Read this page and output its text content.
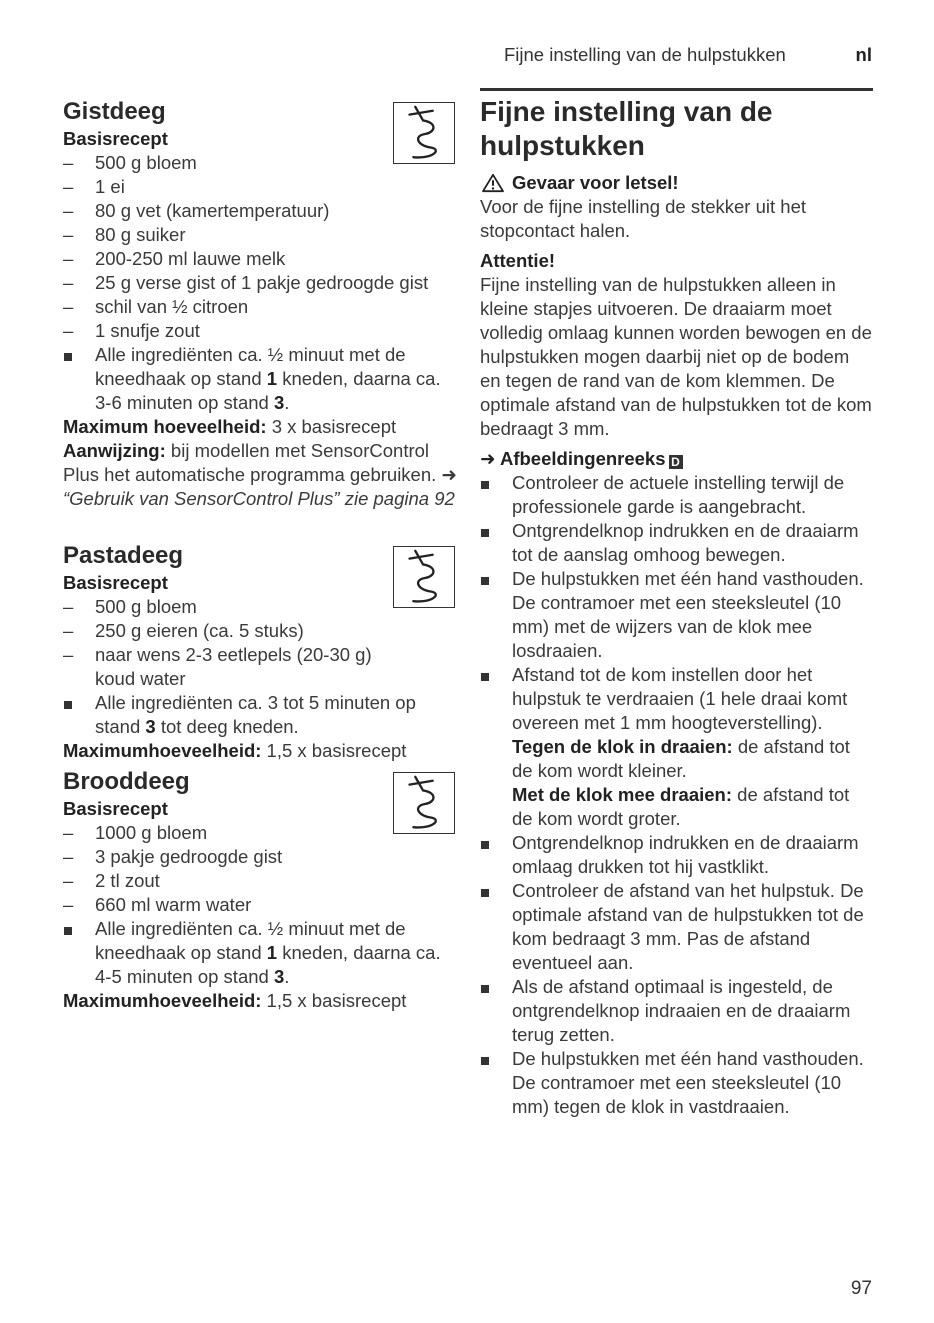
Fijne instelling van de hulpstukken	nl
Gistdeeg
Basisrecept
– 500 g bloem
– 1 ei
– 80 g vet (kamertemperatuur)
– 80 g suiker
– 200-250 ml lauwe melk
– 25 g verse gist of 1 pakje gedroogde gist
– schil van ½ citroen
– 1 snufje zout
Alle ingrediënten ca. ½ minuut met de kneedhaak op stand 1 kneden, daarna ca. 3-6 minuten op stand 3.
Maximum hoeveelheid: 3 x basisrecept
Aanwijzing: bij modellen met SensorControl Plus het automatische programma gebruiken. ➜ “Gebruik van SensorControl Plus” zie pagina 92
Pastadeeg
Basisrecept
– 500 g bloem
– 250 g eieren (ca. 5 stuks)
– naar wens 2-3 eetlepels (20-30 g) koud water
Alle ingrediënten ca. 3 tot 5 minuten op stand 3 tot deeg kneden.
Maximumhoeveelheid: 1,5 x basisrecept
Brooddeeg
Basisrecept
– 1000 g bloem
– 3 pakje gedroogde gist
– 2 tl zout
– 660 ml warm water
Alle ingrediënten ca. ½ minuut met de kneedhaak op stand 1 kneden, daarna ca. 4-5 minuten op stand 3.
Maximumhoeveelheid: 1,5 x basisrecept
Fijne instelling van de hulpstukken
Gevaar voor letsel!
Voor de fijne instelling de stekker uit het stopcontact halen.
Attentie!
Fijne instelling van de hulpstukken alleen in kleine stapjes uitvoeren. De draaiarm moet volledig omlaag kunnen worden bewogen en de hulpstukken mogen daarbij niet op de bodem en tegen de rand van de kom klemmen. De optimale afstand van de hulpstukken tot de kom bedraagt 3 mm.
➜ Afbeeldingenreeks D
Controleer de actuele instelling terwijl de professionele garde is aangebracht.
Ontgrendelknop indrukken en de draaiarm tot de aanslag omhoog bewegen.
De hulpstukken met één hand vasthouden. De contramoer met een steeksleutel (10 mm) met de wijzers van de klok mee losdraaien.
Afstand tot de kom instellen door het hulpstuk te verdraaien (1 hele draai komt overeen met 1 mm hoogteverstelling).
Tegen de klok in draaien: de afstand tot de kom wordt kleiner.
Met de klok mee draaien: de afstand tot de kom wordt groter.
Ontgrendelknop indrukken en de draaiarm omlaag drukken tot hij vastklikt.
Controleer de afstand van het hulpstuk. De optimale afstand van de hulpstukken tot de kom bedraagt 3 mm. Pas de afstand eventueel aan.
Als de afstand optimaal is ingesteld, de ontgrendelknop indraaien en de draaiarm terug zetten.
De hulpstukken met één hand vasthouden. De contramoer met een steeksleutel (10 mm) tegen de klok in vastdraaien.
97
